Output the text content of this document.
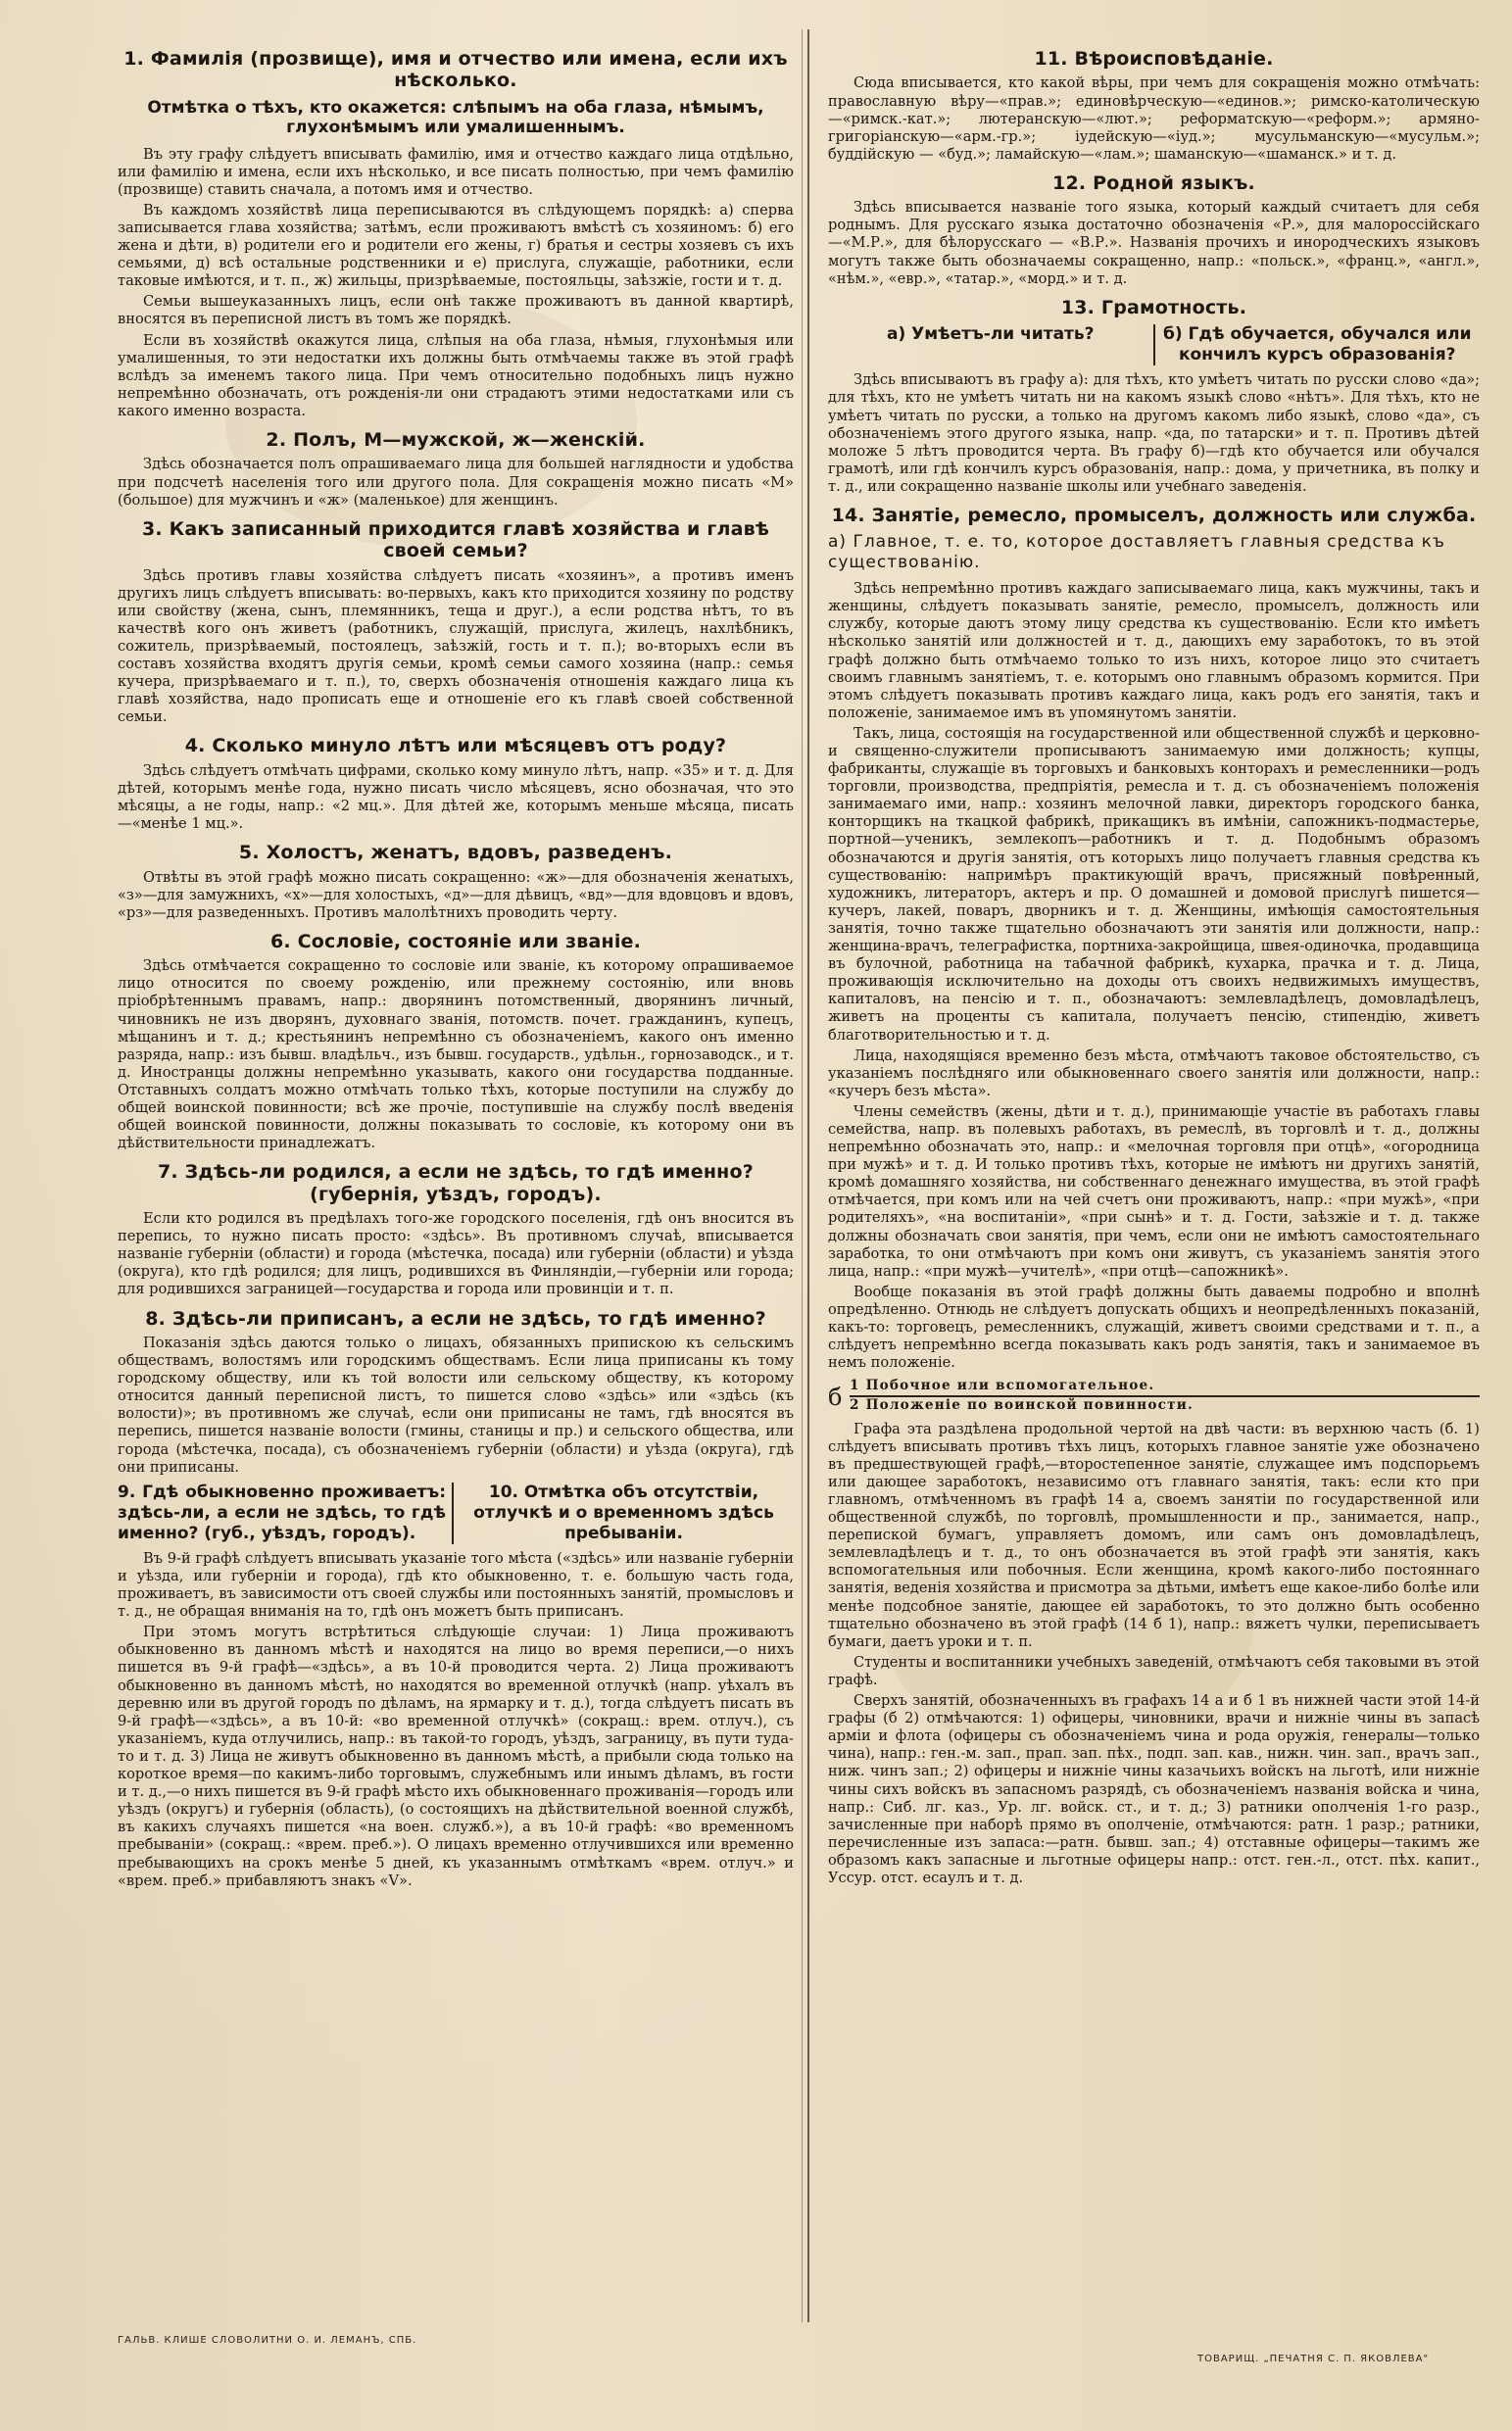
1. Фамилія (прозвище), имя и отчество или имена, если ихъ нѣсколько.
Отмѣтка о тѣхъ, кто окажется: слѣпымъ на оба глаза, нѣмымъ, глухонѣмымъ или умалишеннымъ.

Въ эту графу слѣдуетъ вписывать фамилію, имя и отчество каждаго лица отдѣльно, или фамилію и имена, если ихъ нѣсколько, и все писать полностью, при чемъ фамилію (прозвище) ставить сначала, а потомъ имя и отчество.

Въ каждомъ хозяйствѣ лица переписываются въ слѣдующемъ порядкѣ: а) сперва записывается глава хозяйства; затѣмъ, если проживаютъ вмѣстѣ съ хозяиномъ: б) его жена и дѣти, в) родители его и родители его жены, г) братья и сестры хозяевъ съ ихъ семьями, д) всѣ остальные родственники и е) прислуга, служащіе, работники, если таковые имѣются, и т. п., ж) жильцы, призрѣваемые, постояльцы, заѣзжіе, гости и т. д.

Семьи вышеуказанныхъ лицъ, если онѣ также проживаютъ въ данной квартирѣ, вносятся въ переписной листъ въ томъ же порядкѣ.

Если въ хозяйствѣ окажутся лица, слѣпыя на оба глаза, нѣмыя, глухонѣмыя или умалишенныя, то эти недостатки ихъ должны быть отмѣчаемы также въ этой графѣ вслѣдъ за именемъ такого лица. При чемъ относительно подобныхъ лицъ нужно непремѣнно обозначать, отъ рожденія-ли они страдаютъ этими недостатками или съ какого именно возраста.

2. Полъ, М—мужской, ж—женскій.

Здѣсь обозначается полъ опрашиваемаго лица для большей наглядности и удобства при подсчетѣ населенія того или другого пола. Для сокращенія можно писать «М» (большое) для мужчинъ и «ж» (маленькое) для женщинъ.

3. Какъ записанный приходится главѣ хозяйства и главѣ своей семьи?

Здѣсь противъ главы хозяйства слѣдуетъ писать «хозяинъ», а противъ именъ другихъ лицъ слѣдуетъ вписывать: во-первыхъ, какъ кто приходится хозяину по родству или свойству (жена, сынъ, племянникъ, теща и друг.), а если родства нѣтъ, то въ качествѣ кого онъ живетъ (работникъ, служащій, прислуга, жилецъ, нахлѣбникъ, сожитель, призрѣваемый, постоялецъ, заѣзжій, гость и т. п.); во-вторыхъ если въ составъ хозяйства входятъ другія семьи, кромѣ семьи самого хозяина (напр.: семья кучера, призрѣваемаго и т. п.), то, сверхъ обозначенія отношенія каждаго лица къ главѣ хозяйства, надо прописать еще и отношеніе его къ главѣ своей собственной семьи.

4. Сколько минуло лѣтъ или мѣсяцевъ отъ роду?

Здѣсь слѣдуетъ отмѣчать цифрами, сколько кому минуло лѣтъ, напр. «35» и т. д. Для дѣтей, которымъ менѣе года, нужно писать число мѣсяцевъ, ясно обозначая, что это мѣсяцы, а не годы, напр.: «2 мц.». Для дѣтей же, которымъ меньше мѣсяца, писать—«менѣе 1 мц.».

5. Холостъ, женатъ, вдовъ, разведенъ.

Отвѣты въ этой графѣ можно писать сокращенно: «ж»—для обозначенія женатыхъ, «з»—для замужнихъ, «х»—для холостыхъ, «д»—для дѣвицъ, «вд»—для вдовцовъ и вдовъ, «рз»—для разведенныхъ. Противъ малолѣтнихъ проводить черту.

6. Сословіе, состояніе или званіе.

Здѣсь отмѣчается сокращенно то сословіе или званіе, къ которому опрашиваемое лицо относится по своему рожденію, или прежнему состоянію, или вновь пріобрѣтеннымъ правамъ, напр.: дворянинъ потомственный, дворянинъ личный, чиновникъ не изъ дворянъ, духовнаго званія, потомств. почет. гражданинъ, купецъ, мѣщанинъ и т. д.; крестьянинъ непремѣнно съ обозначеніемъ, какого онъ именно разряда, напр.: изъ бывш. владѣльч., изъ бывш. государств., удѣльн., горнозаводск., и т. д. Иностранцы должны непремѣнно указывать, какого они государства подданные. Отставныхъ солдатъ можно отмѣчать только тѣхъ, которые поступили на службу до общей воинской повинности; всѣ же прочіе, поступившіе на службу послѣ введенія общей воинской повинности, должны показывать то сословіе, къ которому они въ дѣйствительности принадлежатъ.

7. Здѣсь-ли родился, а если не здѣсь, то гдѣ именно? (губернія, уѣздъ, городъ).

Если кто родился въ предѣлахъ того-же городского поселенія, гдѣ онъ вносится въ перепись, то нужно писать просто: «здѣсь». Въ противномъ случаѣ, вписывается названіе губерніи (области) и города (мѣстечка, посада) или губерніи (области) и уѣзда (округа), кто гдѣ родился; для лицъ, родившихся въ Финляндіи,—губерніи или города; для родившихся заграницей—государства и города или провинціи и т. п.

8. Здѣсь-ли приписанъ, а если не здѣсь, то гдѣ именно?

Показанія здѣсь даются только о лицахъ, обязанныхъ припискою къ сельскимъ обществамъ, волостямъ или городскимъ обществамъ. Если лица приписаны къ тому городскому обществу, или къ той волости или сельскому обществу, къ которому относится данный переписной листъ, то пишется слово «здѣсь» или «здѣсь (къ волости)»; въ противномъ же случаѣ, если они приписаны не тамъ, гдѣ вносятся въ перепись, пишется названіе волости (гмины, станицы и пр.) и сельского общества, или города (мѣстечка, посада), съ обозначеніемъ губерніи (области) и уѣзда (округа), гдѣ они приписаны.

9. Гдѣ обыкновенно проживаетъ: здѣсь-ли, а если не здѣсь, то гдѣ именно? (губ., уѣздъ, городъ).
10. Отмѣтка объ отсутствіи, отлучкѣ и о временномъ здѣсь пребываніи.

Въ 9-й графѣ слѣдуетъ вписывать указаніе того мѣста («здѣсь» или названіе губерніи и уѣзда, или губерніи и города), гдѣ кто обыкновенно, т. е. большую часть года, проживаетъ, въ зависимости отъ своей службы или постоянныхъ занятій, промысловъ и т. д., не обращая вниманія на то, гдѣ онъ можетъ быть приписанъ.

При этомъ могутъ встрѣтиться слѣдующіе случаи: 1) Лица проживаютъ обыкновенно въ данномъ мѣстѣ и находятся на лицо во время переписи,—о нихъ пишется въ 9-й графѣ—«здѣсь», а въ 10-й проводится черта. 2) Лица проживаютъ обыкновенно въ данномъ мѣстѣ, но находятся во временной отлучкѣ (напр. уѣхалъ въ деревню или въ другой городъ по дѣламъ, на ярмарку и т. д.), тогда слѣдуетъ писать въ 9-й графѣ—«здѣсь», а въ 10-й: «во временной отлучкѣ» (сокращ.: врем. отлуч.), съ указаніемъ, куда отлучились, напр.: въ такой-то городъ, уѣздъ, заграницу, въ пути туда-то и т. д. 3) Лица не живутъ обыкновенно въ данномъ мѣстѣ, а прибыли сюда только на короткое время—по какимъ-либо торговымъ, служебнымъ или инымъ дѣламъ, въ гости и т. д.,—о нихъ пишется въ 9-й графѣ мѣсто ихъ обыкновеннаго проживанія—городъ или уѣздъ (округъ) и губернія (область), (о состоящихъ на дѣйствительной военной службѣ, въ какихъ случаяхъ пишется «на воен. служб.»), а въ 10-й графѣ: «во временномъ пребываніи» (сокращ.: «врем. преб.»). О лицахъ временно отлучившихся или временно пребывающихъ на срокъ менѣе 5 дней, къ указаннымъ отмѣткамъ «врем. отлуч.» и «врем. преб.» прибавляютъ знакъ «V».

11. Вѣроисповѣданіе.

Сюда вписывается, кто какой вѣры, при чемъ для сокращенія можно отмѣчать: православную вѣру—«прав.»; единовѣрческую—«единов.»; римско-католическую—«римск.-кат.»; лютеранскую—«лют.»; реформатскую—«реформ.»; армяно-григоріанскую—«арм.-гр.»; іудейскую—«іуд.»; мусульманскую—«мусульм.»; буддійскую — «буд.»; ламайскую—«лам.»; шаманскую—«шаманск.» и т. д.

12. Родной языкъ.

Здѣсь вписывается названіе того языка, который каждый считаетъ для себя роднымъ. Для русскаго языка достаточно обозначенія «Р.», для малороссійскаго—«М.Р.», для бѣлорусскаго — «В.Р.». Названія прочихъ и инородческихъ языковъ могутъ также быть обозначаемы сокращенно, напр.: «польск.», «франц.», «англ.», «нѣм.», «евр.», «татар.», «морд.» и т. д.

13. Грамотность.
а) Умѣетъ-ли читать?	б) Гдѣ обучается, обучался или кончилъ курсъ образованія?

Здѣсь вписываютъ въ графу а): для тѣхъ, кто умѣетъ читать по русски слово «да»; для тѣхъ, кто не умѣетъ читать ни на какомъ языкѣ слово «нѣтъ». Для тѣхъ, кто не умѣетъ читать по русски, а только на другомъ какомъ либо языкѣ, слово «да», съ обозначеніемъ этого другого языка, напр. «да, по татарски» и т. п. Противъ дѣтей моложе 5 лѣтъ проводится черта. Въ графу б)—гдѣ кто обучается или обучался грамотѣ, или гдѣ кончилъ курсъ образованія, напр.: дома, у причетника, въ полку и т. д., или сокращенно названіе школы или учебнаго заведенія.

14. Занятіе, ремесло, промыселъ, должность или служба.
а) Главное, т. е. то, которое доставляетъ главныя средства къ существованію.

Здѣсь непремѣнно противъ каждаго записываемаго лица, какъ мужчины, такъ и женщины, слѣдуетъ показывать занятіе, ремесло, промыселъ, должность или службу, которые даютъ этому лицу средства къ существованію. Если кто имѣетъ нѣсколько занятій или должностей и т. д., дающихъ ему заработокъ, то въ этой графѣ должно быть отмѣчаемо только то изъ нихъ, которое лицо это считаетъ своимъ главнымъ занятіемъ, т. е. которымъ оно главнымъ образомъ кормится. При этомъ слѣдуетъ показывать противъ каждаго лица, какъ родъ его занятія, такъ и положеніе, занимаемое имъ въ упомянутомъ занятіи.

Такъ, лица, состоящія на государственной или общественной службѣ и церковно-и священно-служители прописываютъ занимаемую ими должность; купцы, фабриканты, служащіе въ торговыхъ и банковыхъ конторахъ и ремесленники—родъ торговли, производства, предпріятія, ремесла и т. д. съ обозначеніемъ положенія занимаемаго ими, напр.: хозяинъ мелочной лавки, директоръ городского банка, конторщикъ на ткацкой фабрикѣ, прикащикъ въ имѣніи, сапожникъ-подмастерье, портной—ученикъ, землекопъ—работникъ и т. д. Подобнымъ образомъ обозначаются и другія занятія, отъ которыхъ лицо получаетъ главныя средства къ существованію: напримѣръ практикующій врачъ, присяжный повѣренный, художникъ, литераторъ, актеръ и пр. О домашней и домовой прислугѣ пишется—кучеръ, лакей, поваръ, дворникъ и т. д. Женщины, имѣющія самостоятельныя занятія, точно также тщательно обозначаютъ эти занятія или должности, напр.: женщина-врачъ, телеграфистка, портниха-закройщица, швея-одиночка, продавщица въ булочной, работница на табачной фабрикѣ, кухарка, прачка и т. д. Лица, проживающія исключительно на доходы отъ своихъ недвижимыхъ имуществъ, капиталовъ, на пенсію и т. п., обозначаютъ: землевладѣлецъ, домовладѣлецъ, живетъ на проценты съ капитала, получаетъ пенсію, стипендію, живетъ благотворительностью и т. д.

Лица, находящіяся временно безъ мѣста, отмѣчаютъ таковое обстоятельство, съ указаніемъ послѣдняго или обыкновеннаго своего занятія или должности, напр.: «кучеръ безъ мѣста».

Члены семействъ (жены, дѣти и т. д.), принимающіе участіе въ работахъ главы семейства, напр. въ полевыхъ работахъ, въ ремеслѣ, въ торговлѣ и т. д., должны непремѣнно обозначать это, напр.: и «мелочная торговля при отцѣ», «огородница при мужѣ» и т. д. И только противъ тѣхъ, которые не имѣютъ ни другихъ занятій, кромѣ домашняго хозяйства, ни собственнаго денежнаго имущества, въ этой графѣ отмѣчается, при комъ или на чей счетъ они проживаютъ, напр.: «при мужѣ», «при родителяхъ», «на воспитаніи», «при сынѣ» и т. д. Гости, заѣзжіе и т. д. также должны обозначать свои занятія, при чемъ, если они не имѣютъ самостоятельнаго заработка, то они отмѣчаютъ при комъ они живутъ, съ указаніемъ занятія этого лица, напр.: «при мужѣ—учителѣ», «при отцѣ—сапожникѣ».

Вообще показанія въ этой графѣ должны быть даваемы подробно и вполнѣ опредѣленно. Отнюдь не слѣдуетъ допускать общихъ и неопредѣленныхъ показаній, какъ-то: торговецъ, ремесленникъ, служащій, живетъ своими средствами и т. п., а слѣдуетъ непремѣнно всегда показывать какъ родъ занятія, такъ и занимаемое въ немъ положеніе.

б 1 Побочное или вспомогательное.
2 Положеніе по воинской повинности.

Графа эта раздѣлена продольной чертой на двѣ части: въ верхнюю часть (б. 1) слѣдуетъ вписывать противъ тѣхъ лицъ, которыхъ главное занятіе уже обозначено въ предшествующей графѣ,—второстепенное занятіе, служащее имъ подспорьемъ или дающее заработокъ, независимо отъ главнаго занятія, такъ: если кто при главномъ, отмѣченномъ въ графѣ 14 а, своемъ занятіи по государственной или общественной службѣ, по торговлѣ, промышленности и пр., занимается, напр., перепиской бумагъ, управляетъ домомъ, или самъ онъ домовладѣлецъ, землевладѣлецъ и т. д., то онъ обозначается въ этой графѣ эти занятія, какъ вспомогательныя или побочныя. Если женщина, кромѣ какого-либо постояннаго занятія, веденія хозяйства и присмотра за дѣтьми, имѣетъ еще какое-либо болѣе или менѣе подсобное занятіе, дающее ей заработокъ, то это должно быть особенно тщательно обозначено въ этой графѣ (14 б 1), напр.: вяжетъ чулки, переписываетъ бумаги, даетъ уроки и т. п.

Студенты и воспитанники учебныхъ заведеній, отмѣчаютъ себя таковыми въ этой графѣ.

Сверхъ занятій, обозначенныхъ въ графахъ 14 а и б 1 въ нижней части этой 14-й графы (б 2) отмѣчаются: 1) офицеры, чиновники, врачи и нижніе чины въ запасѣ арміи и флота (офицеры съ обозначеніемъ чина и рода оружія, генералы—только чина), напр.: ген.-м. зап., прап. зап. пѣх., подп. зап. кав., нижн. чин. зап., врачъ зап., ниж. чинъ зап.; 2) офицеры и нижніе чины казачьихъ войскъ на льготѣ, или нижніе чины сихъ войскъ въ запасномъ разрядѣ, съ обозначеніемъ названія войска и чина, напр.: Сиб. лг. каз., Ур. лг. войск. ст., и т. д.; 3) ратники ополченія 1-го разр., зачисленные при наборѣ прямо въ ополченіе, отмѣчаются: ратн. 1 разр.; ратники, перечисленные изъ запаса:—ратн. бывш. зап.; 4) отставные офицеры—такимъ же образомъ какъ запасные и льготные офицеры напр.: отст. ген.-л., отст. пѣх. капит., Уссур. отст. есаулъ и т. д.

ГАЛЬВ. КЛИШЕ СЛОВОЛИТНИ О. И. ЛЕМАНЪ, СПБ.
ТОВАРИЩ. „ПЕЧАТНЯ С. П. ЯКОВЛЕВА"
